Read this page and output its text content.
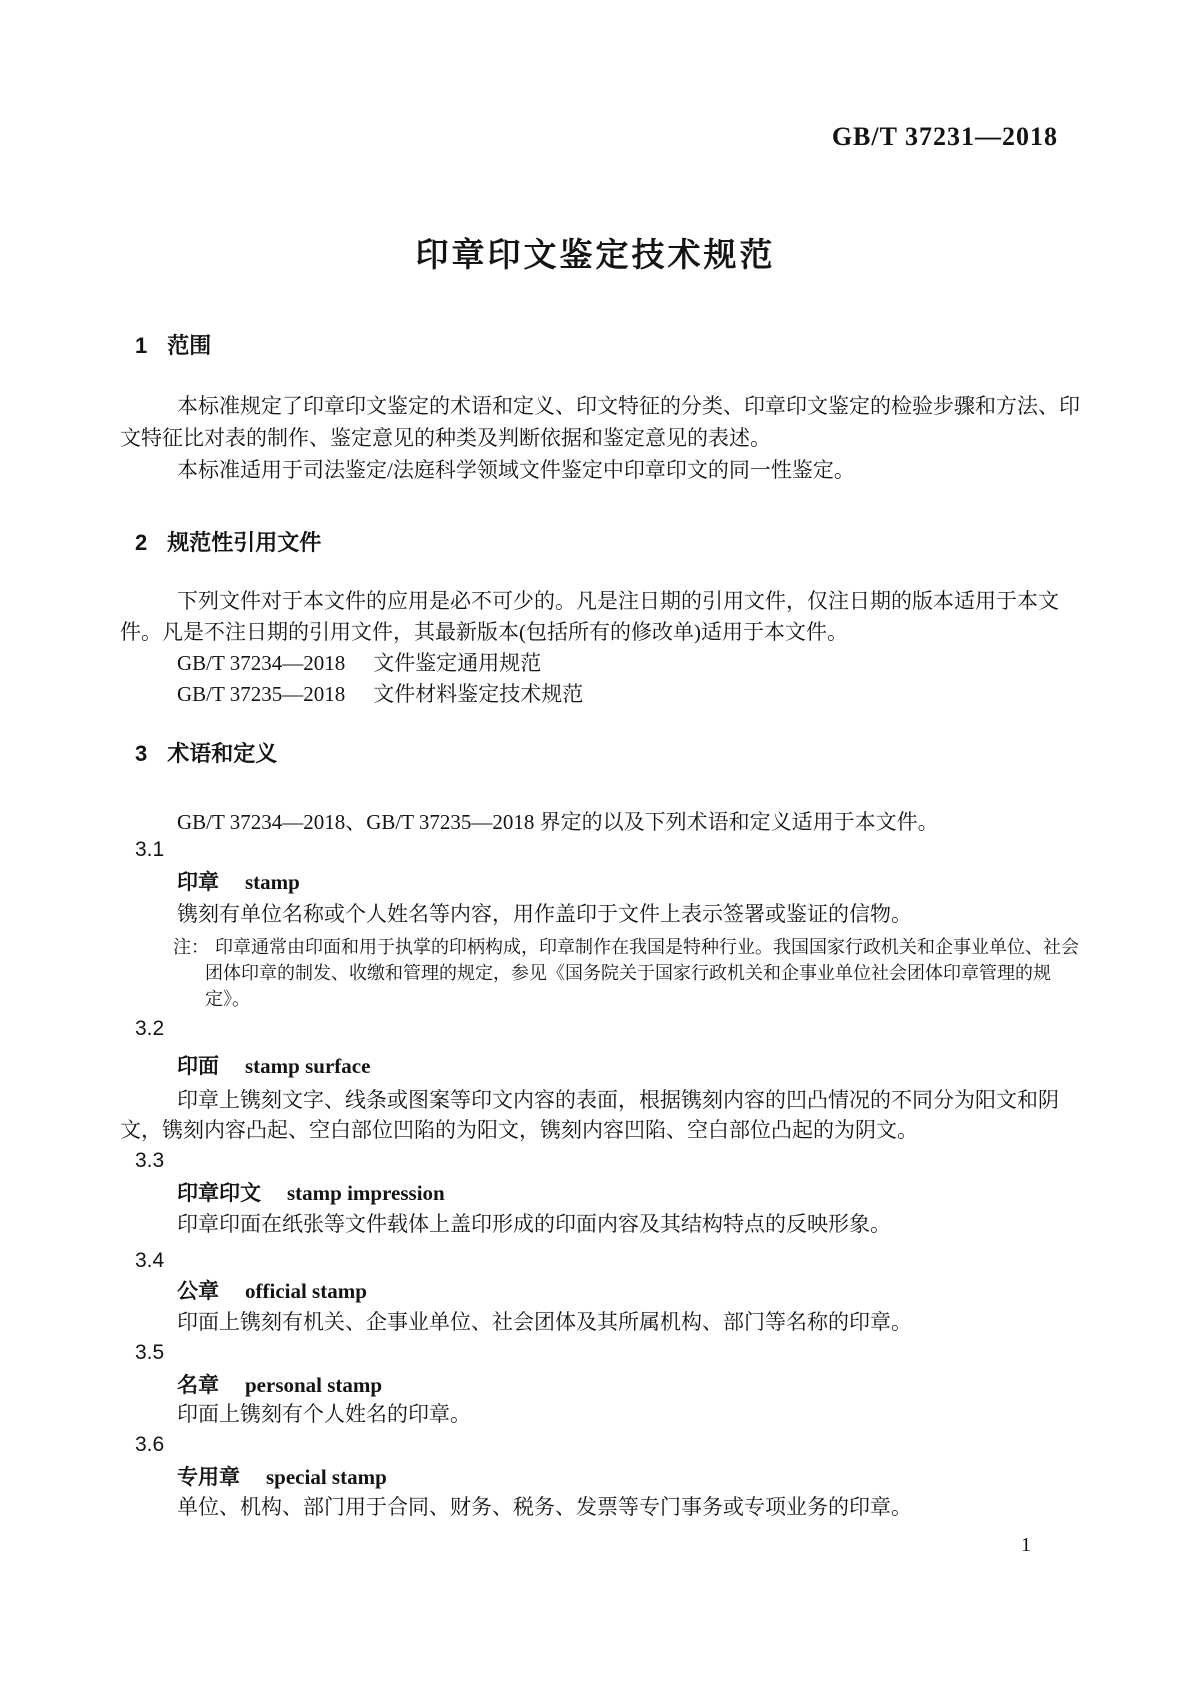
GB/T 37231—2018
印章印文鉴定技术规范
1 范围
本标准规定了印章印文鉴定的术语和定义、印文特征的分类、印章印文鉴定的检验步骤和方法、印
文特征比对表的制作、鉴定意见的种类及判断依据和鉴定意见的表述。
本标准适用于司法鉴定/法庭科学领域文件鉴定中印章印文的同一性鉴定。
2 规范性引用文件
下列文件对于本文件的应用是必不可少的。凡是注日期的引用文件，仅注日期的版本适用于本文
件。凡是不注日期的引用文件，其最新版本(包括所有的修改单)适用于本文件。
GB/T 37234—2018 文件鉴定通用规范
GB/T 37235—2018 文件材料鉴定技术规范
3 术语和定义
GB/T 37234—2018、GB/T 37235—2018 界定的以及下列术语和定义适用于本文件。
3.1
印章 stamp
镌刻有单位名称或个人姓名等内容，用作盖印于文件上表示签署或鉴证的信物。
注： 印章通常由印面和用于执掌的印柄构成，印章制作在我国是特种行业。我国国家行政机关和企事业单位、社会
团体印章的制发、收缴和管理的规定，参见《国务院关于国家行政机关和企事业单位社会团体印章管理的规
定》。
3.2
印面 stamp surface
印章上镌刻文字、线条或图案等印文内容的表面，根据镌刻内容的凹凸情况的不同分为阳文和阴
文，镌刻内容凸起、空白部位凹陷的为阳文，镌刻内容凹陷、空白部位凸起的为阴文。
3.3
印章印文 stamp impression
印章印面在纸张等文件载体上盖印形成的印面内容及其结构特点的反映形象。
3.4
公章 official stamp
印面上镌刻有机关、企事业单位、社会团体及其所属机构、部门等名称的印章。
3.5
名章 personal stamp
印面上镌刻有个人姓名的印章。
3.6
专用章 special stamp
单位、机构、部门用于合同、财务、税务、发票等专门事务或专项业务的印章。
1
